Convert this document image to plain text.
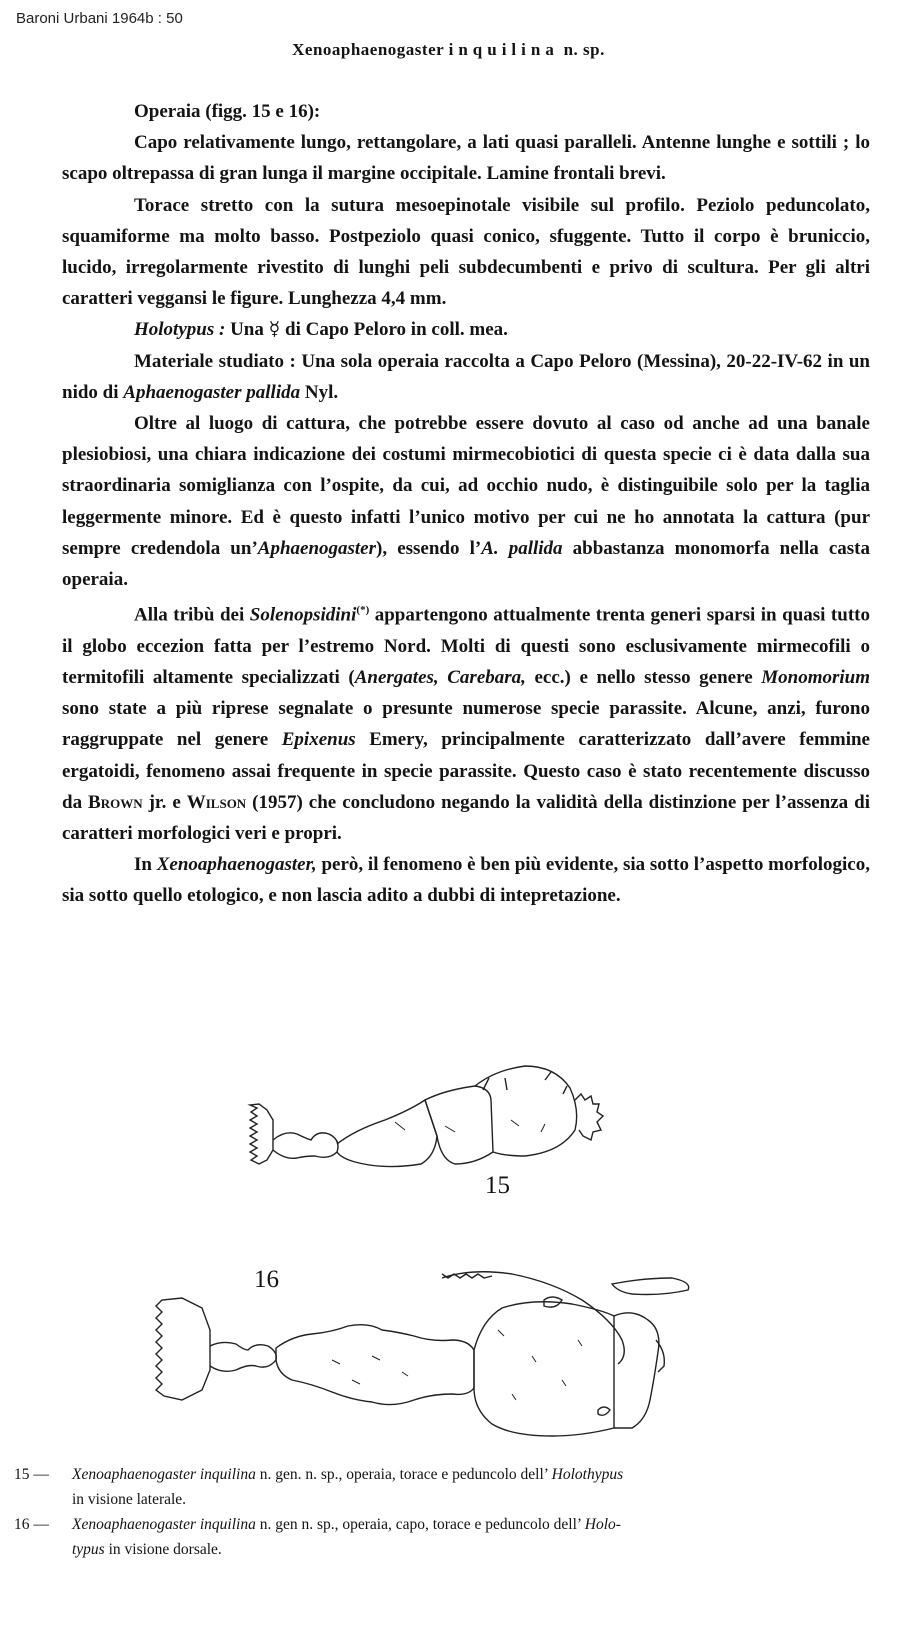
Baroni Urbani 1964b : 50
Xenoaphaenogaster inquilina n. sp.

Operaia (figg. 15 e 16):

Capo relativamente lungo, rettangolare, a lati quasi paralleli. Antenne lunghe e sottili ; lo scapo oltrepassa di gran lunga il margine occipitale. Lamine frontali brevi.

Torace stretto con la sutura mesoepinotale visibile sul profilo. Peziolo peduncolato, squamiforme ma molto basso. Postpeziolo quasi conico, sfuggente. Tutto il corpo è bruniccio, lucido, irregolarmente rivestito di lunghi peli subdecumbenti e privo di scultura. Per gli altri caratteri veggansi le figure. Lunghezza 4,4 mm.

Holotypus : Una ☿ di Capo Peloro in coll. mea.

Materiale studiato : Una sola operaia raccolta a Capo Peloro (Messina), 20-22-IV-62 in un nido di Aphaenogaster pallida Nyl.

Oltre al luogo di cattura, che potrebbe essere dovuto al caso od anche ad una banale plesiobiosi, una chiara indicazione dei costumi mirmecobiotici di questa specie ci è data dalla sua straordinaria somiglianza con l’ospite, da cui, ad occhio nudo, è distinguibile solo per la taglia leggermente minore. Ed è questo infatti l’unico motivo per cui ne ho annotata la cattura (pur sempre credendola un’Aphaenogaster), essendo l’A. pallida abbastanza monomorfa nella casta operaia.

Alla tribù dei Solenopsidini(*) appartengono attualmente trenta generi sparsi in quasi tutto il globo eccezion fatta per l’estremo Nord. Molti di questi sono esclusivamente mirmecofili o termitofili altamente specializzati (Anergates, Carebara, ecc.) e nello stesso genere Monomorium sono state a più riprese segnalate o presunte numerose specie parassite. Alcune, anzi, furono raggruppate nel genere Epixenus Emery, principalmente caratterizzato dall’avere femmine ergatoidi, fenomeno assai frequente in specie parassite. Questo caso è stato recentemente discusso da Brown jr. e Wilson (1957) che concludono negando la validità della distinzione per l’assenza di caratteri morfologici veri e propri.

In Xenoaphaenogaster, però, il fenomeno è ben più evidente, sia sotto l’aspetto morfologico, sia sotto quello etologico, e non lascia adito a dubbi di intepretazione.

15
16
15 — Xenoaphaenogaster inquilina n. gen. n. sp., operaia, torace e peduncolo dell’ Holothypus
in visione laterale.
16 — Xenoaphaenogaster inquilina n. gen n. sp., operaia, capo, torace e peduncolo dell’ Holo-
typus in visione dorsale.
